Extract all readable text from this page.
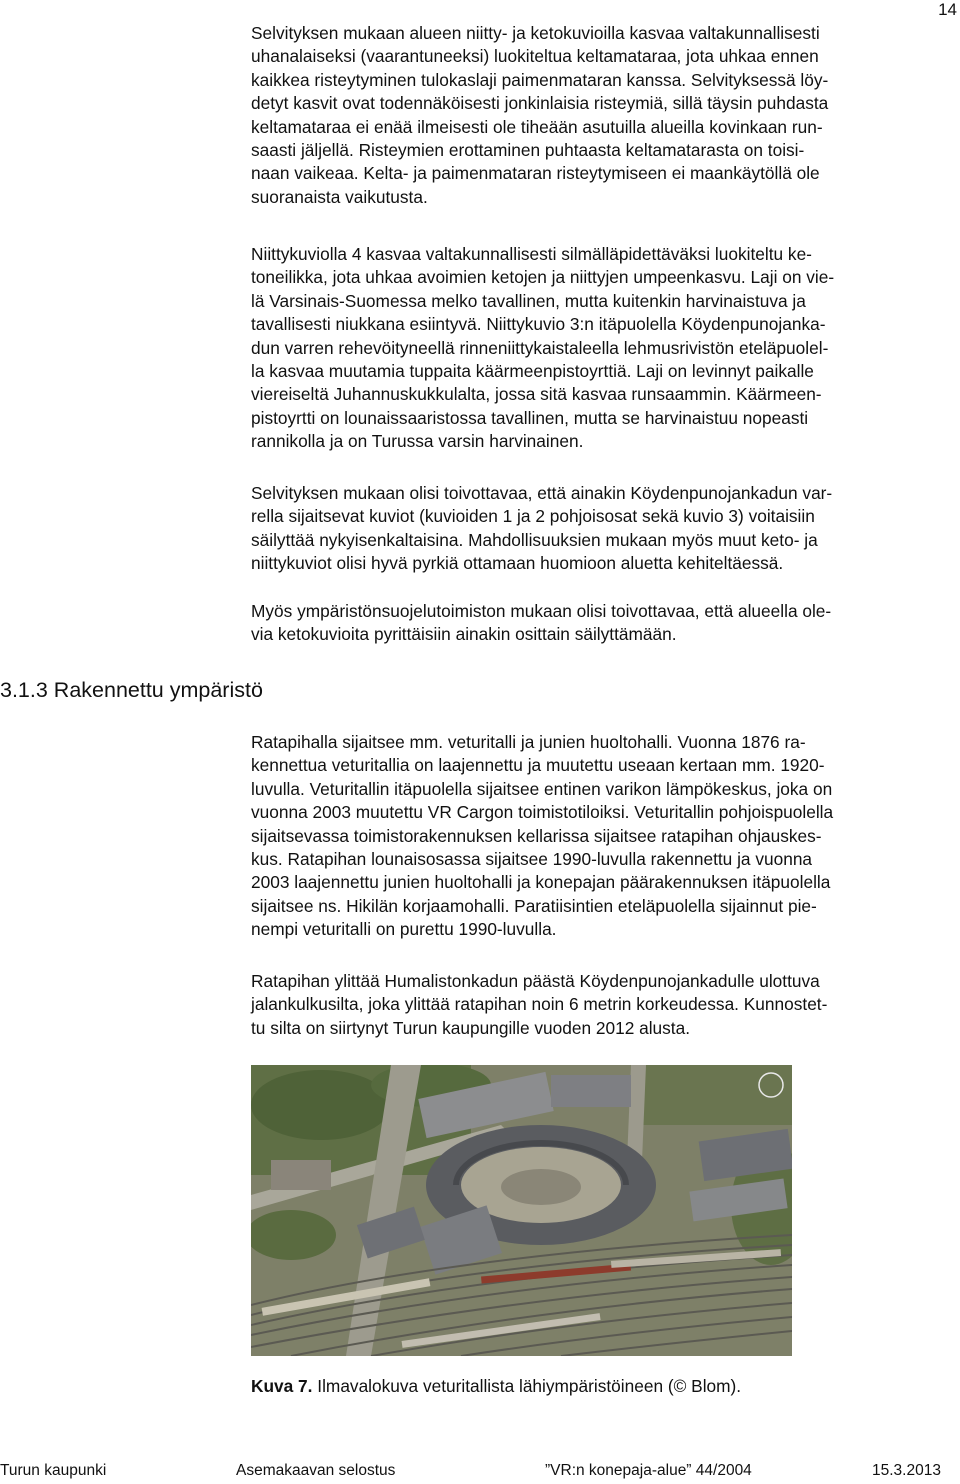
14
Selvityksen mukaan alueen niitty- ja ketokuvioilla kasvaa valtakunnallisesti
uhanalaiseksi (vaarantuneeksi) luokiteltua keltamataraa, jota uhkaa ennen
kaikkea risteytyminen tulokaslaji paimenmataran kanssa. Selvityksessä löy-
detyt kasvit ovat todennäköisesti jonkinlaisia risteymiä, sillä täysin puhdasta
keltamataraa ei enää ilmeisesti ole tiheään asutuilla alueilla kovinkaan run-
saasti jäljellä. Risteymien erottaminen puhtaasta keltamatarasta on toisi-
naan vaikeaa. Kelta- ja paimenmataran risteytymiseen ei maankäytöllä ole
suoranaista vaikutusta.
Niittykuviolla 4 kasvaa valtakunnallisesti silmälläpidettäväksi luokiteltu ke-
toneilikka, jota uhkaa avoimien ketojen ja niittyjen umpeenkasvu. Laji on vie-
lä Varsinais-Suomessa melko tavallinen, mutta kuitenkin harvinaistuva ja
tavallisesti niukkana esiintyvä. Niittykuvio 3:n itäpuolella Köydenpunojanka-
dun varren rehevöityneellä rinneniittykaistaleella lehmusrivistön eteläpuolel-
la kasvaa muutamia tuppaita käärmeenpistoyrttiä. Laji on levinnyt paikalle
viereiseltä Juhannuskukkulalta, jossa sitä kasvaa runsaammin. Käärmeen-
pistoyrtti on lounaissaaristossa tavallinen, mutta se harvinaistuu nopeasti
rannikolla ja on Turussa varsin harvinainen.
Selvityksen mukaan olisi toivottavaa, että ainakin Köydenpunojankadun var-
rella sijaitsevat kuviot (kuvioiden 1 ja 2 pohjoisosat sekä kuvio 3) voitaisiin
säilyttää nykyisenkaltaisina. Mahdollisuuksien mukaan myös muut keto- ja
niittykuviot olisi hyvä pyrkiä ottamaan huomioon aluetta kehiteltäessä.
Myös ympäristönsuojelutoimiston mukaan olisi toivottavaa, että alueella ole-
via ketokuvioita pyrittäisiin ainakin osittain säilyttämään.
3.1.3 Rakennettu ympäristö
Ratapihalla sijaitsee mm. veturitalli ja junien huoltohalli. Vuonna 1876 ra-
kennettua veturitallia on laajennettu ja muutettu useaan kertaan mm. 1920-
luvulla. Veturitallin itäpuolella sijaitsee entinen varikon lämpökeskus, joka on
vuonna 2003 muutettu VR Cargon toimistotiloiksi. Veturitallin pohjoispuolella
sijaitsevassa toimistorakennuksen kellarissa sijaitsee ratapihan ohjauskes-
kus. Ratapihan lounaisosassa sijaitsee 1990-luvulla rakennettu ja vuonna
2003 laajennettu junien huoltohalli ja konepajan päärakennuksen itäpuolella
sijaitsee ns. Hikilän korjaamohalli. Paratiisintien eteläpuolella sijainnut pie-
nempi veturitalli on purettu 1990-luvulla.
Ratapihan ylittää Humalistonkadun päästä Köydenpunojankadulle ulottuva
jalankulkusilta, joka ylittää ratapihan noin 6 metrin korkeudessa. Kunnostet-
tu silta on siirtynyt Turun kaupungille vuoden 2012 alusta.

Kuva 7. Ilmavalokuva veturitallista lähiympäristöineen (© Blom).

Turun kaupunki	Asemakaavan selostus	”VR:n konepaja-alue” 44/2004	15.3.2013
